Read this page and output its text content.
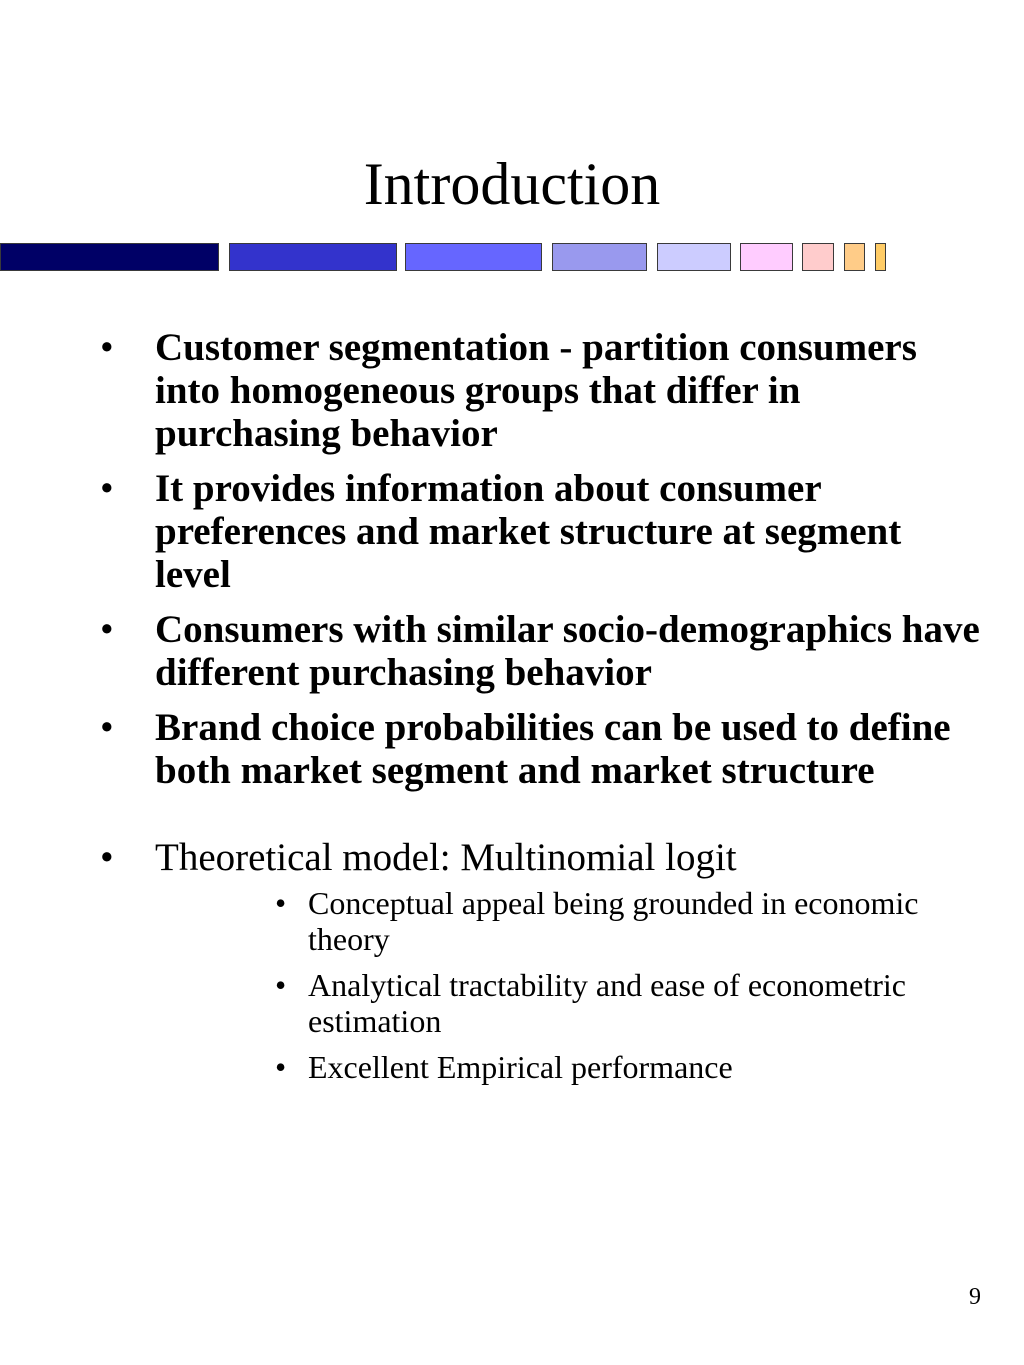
Introduction
• Customer segmentation - partition consumers into homogeneous groups that differ in purchasing behavior
• It provides information about consumer preferences and market structure at segment level
• Consumers with similar socio-demographics have different purchasing behavior
• Brand choice probabilities can be used to define both market segment and market structure
• Theoretical model: Multinomial logit
• Conceptual appeal being grounded in economic theory
• Analytical tractability and ease of econometric estimation
• Excellent Empirical performance
9
